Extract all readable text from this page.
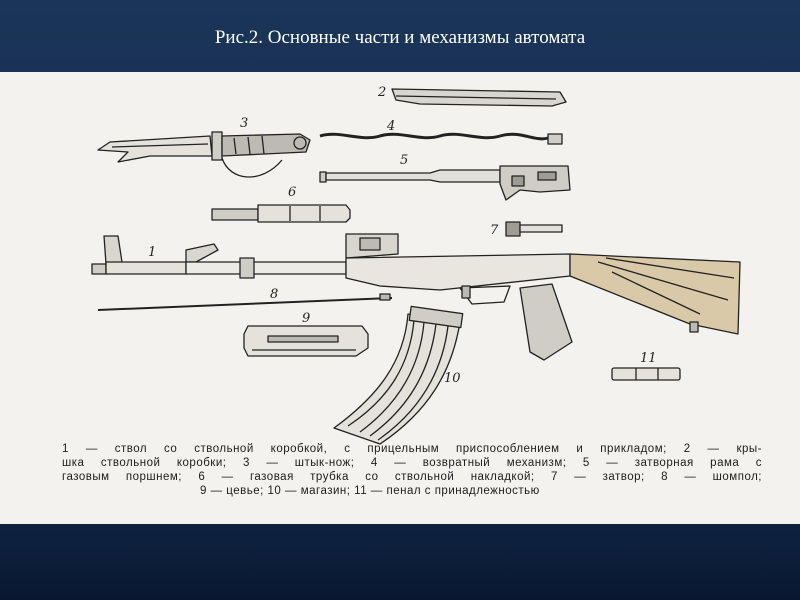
Рис.2. Основные части и механизмы автомата
2
3	4
5
6
7
1
8
9
10
11
1 — ствол со ствольной коробкой, с прицельным приспособлением и прикладом; 2 — кры-
шка ствольной коробки; 3 — штык-нож; 4 — возвратный механизм; 5 — затворная рама с
газовым поршнем; 6 — газовая трубка со ствольной накладкой; 7 — затвор; 8 — шомпол;
9 — цевье; 10 — магазин; 11 — пенал с принадлежностью
